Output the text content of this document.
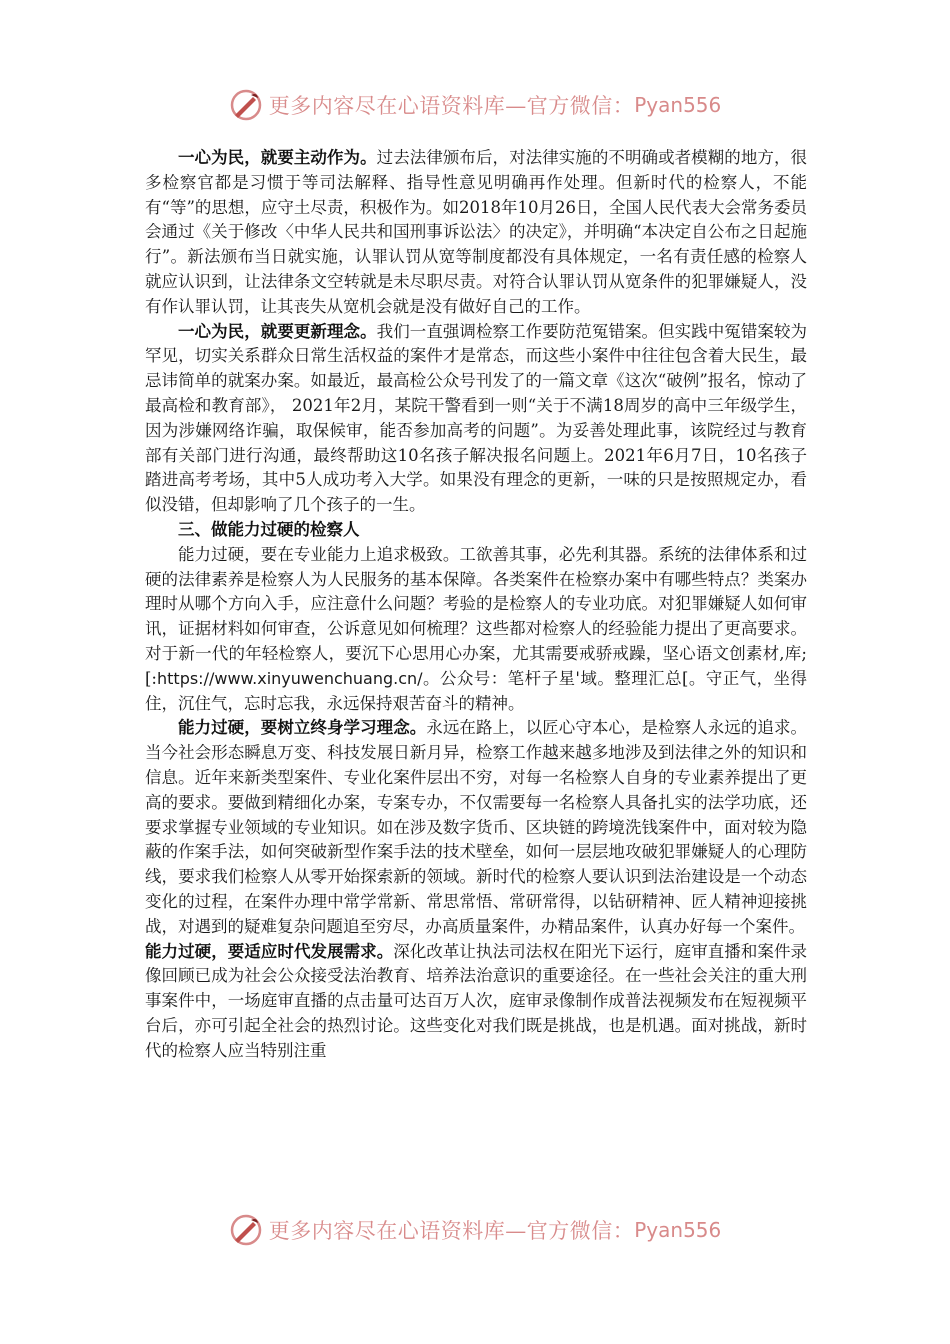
更多内容尽在心语资料库—官方微信： Pyan556

一心为民，就要主动作为。过去法律颁布后，对法律实施的不明确或者模糊的地方，很多检察官都是习惯于等司法解释、指导性意见明确再作处理。但新时代的检察人，不能有“等”的思想，应守土尽责，积极作为。如2018年10月26日，全国人民代表大会常务委员会通过《关于修改〈中华人民共和国刑事诉讼法〉的决定》，并明确“本决定自公布之日起施行”。新法颁布当日就实施，认罪认罚从宽等制度都没有具体规定，一名有责任感的检察人就应认识到，让法律条文空转就是未尽职尽责。对符合认罪认罚从宽条件的犯罪嫌疑人，没有作认罪认罚，让其丧失从宽机会就是没有做好自己的工作。

一心为民，就要更新理念。我们一直强调检察工作要防范冤错案。但实践中冤错案较为罕见，切实关系群众日常生活权益的案件才是常态，而这些小案件中往往包含着大民生，最忌讳简单的就案办案。如最近，最高检公众号刊发了的一篇文章《这次“破例”报名，惊动了最高检和教育部》， 2021年2月，某院干警看到一则“关于不满18周岁的高中三年级学生，因为涉嫌网络诈骗，取保候审，能否参加高考的问题”。为妥善处理此事，该院经过与教育部有关部门进行沟通，最终帮助这10名孩子解决报名问题上。2021年6月7日，10名孩子踏进高考考场，其中5人成功考入大学。如果没有理念的更新，一味的只是按照规定办，看似没错，但却影响了几个孩子的一生。

三、做能力过硬的检察人

能力过硬，要在专业能力上追求极致。工欲善其事，必先利其器。系统的法律体系和过硬的法律素养是检察人为人民服务的基本保障。各类案件在检察办案中有哪些特点？类案办理时从哪个方向入手，应注意什么问题？考验的是检察人的专业功底。对犯罪嫌疑人如何审讯，证据材料如何审查，公诉意见如何梳理？这些都对检察人的经验能力提出了更高要求。对于新一代的年轻检察人，要沉下心思用心办案，尤其需要戒骄戒躁，坚心语文创素材,库;[:https://www.xinyuwenchuang.cn/。公众号：笔杆子星'域。整理汇总[。守正气，坐得住，沉住气，忘时忘我，永远保持艰苦奋斗的精神。

能力过硬，要树立终身学习理念。永远在路上，以匠心守本心，是检察人永远的追求。当今社会形态瞬息万变、科技发展日新月异，检察工作越来越多地涉及到法律之外的知识和信息。近年来新类型案件、专业化案件层出不穷，对每一名检察人自身的专业素养提出了更高的要求。要做到精细化办案，专案专办，不仅需要每一名检察人具备扎实的法学功底，还要求掌握专业领域的专业知识。如在涉及数字货币、区块链的跨境洗钱案件中，面对较为隐蔽的作案手法，如何突破新型作案手法的技术壁垒，如何一层层地攻破犯罪嫌疑人的心理防线，要求我们检察人从零开始探索新的领域。新时代的检察人要认识到法治建设是一个动态变化的过程，在案件办理中常学常新、常思常悟、常研常得，以钻研精神、匠人精神迎接挑战，对遇到的疑难复杂问题追至穷尽，办高质量案件，办精品案件，认真办好每一个案件。

能力过硬，要适应时代发展需求。深化改革让执法司法权在阳光下运行，庭审直播和案件录像回顾已成为社会公众接受法治教育、培养法治意识的重要途径。在一些社会关注的重大刑事案件中，一场庭审直播的点击量可达百万人次，庭审录像制作成普法视频发布在短视频平台后，亦可引起全社会的热烈讨论。这些变化对我们既是挑战，也是机遇。面对挑战，新时代的检察人应当特别注重

更多内容尽在心语资料库—官方微信： Pyan556
